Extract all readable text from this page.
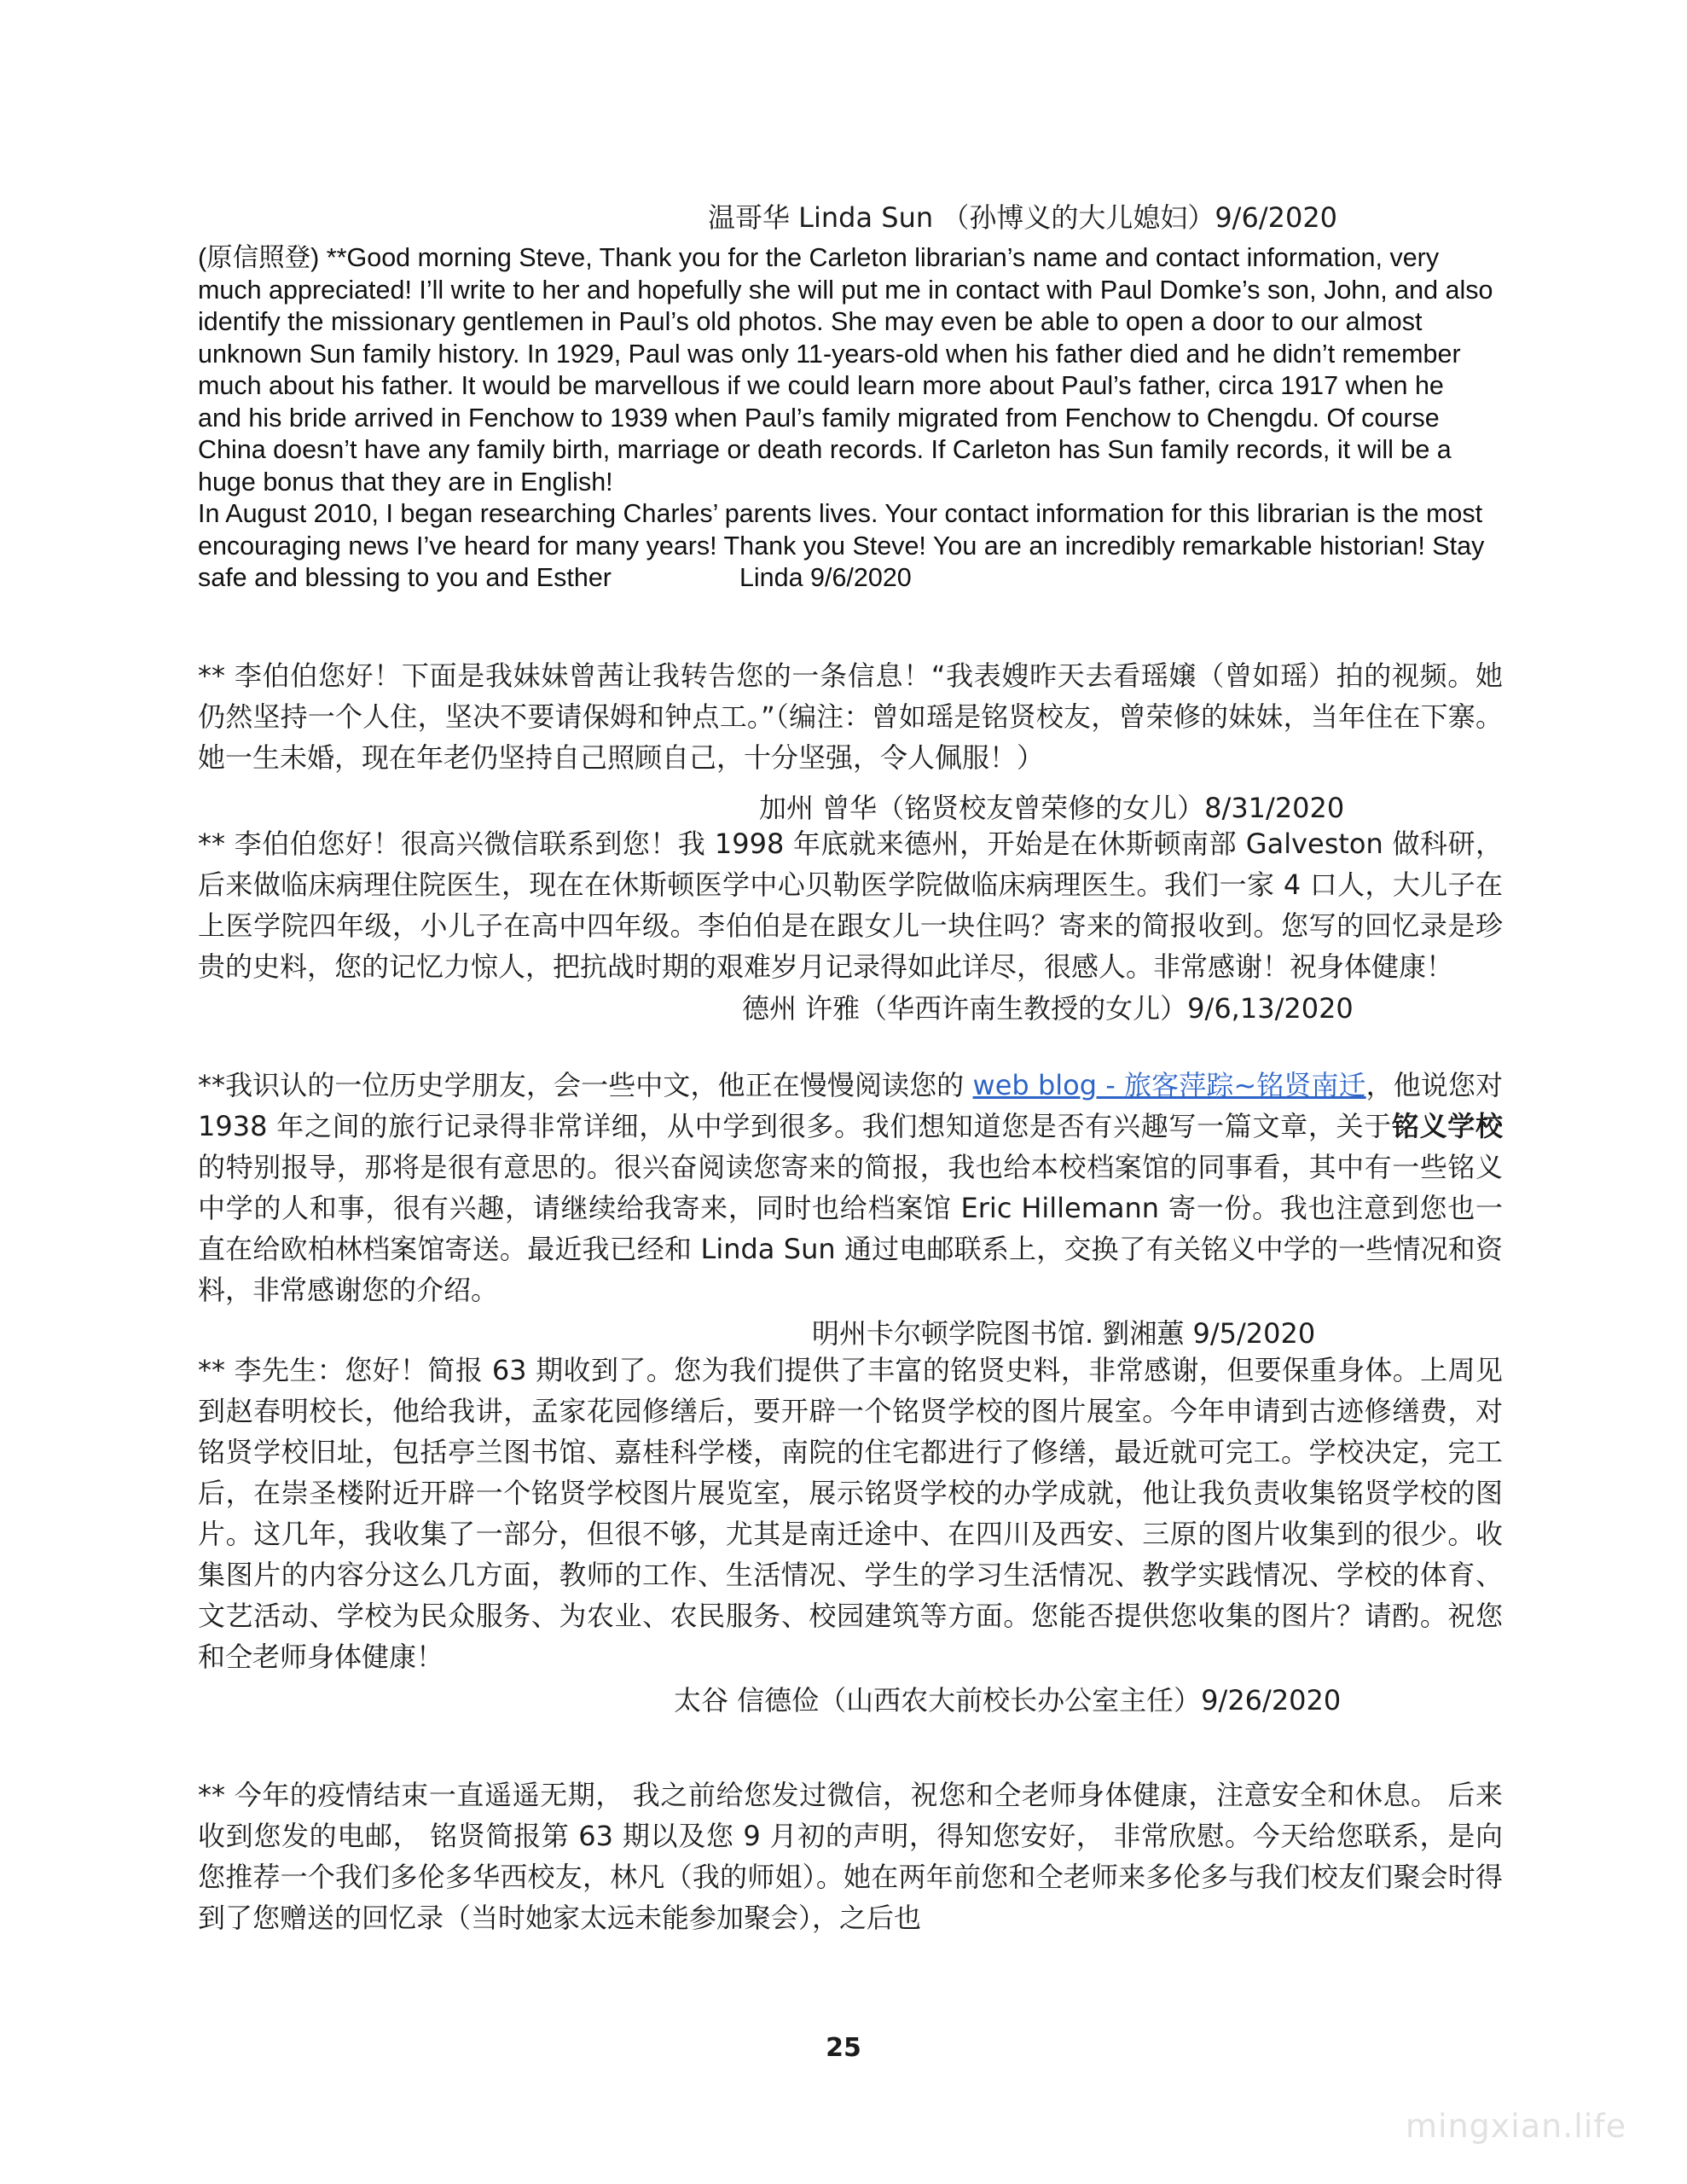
温哥华 Linda Sun （孙博义的大儿媳妇）9/6/2020

(原信照登) **Good morning Steve, Thank you for the Carleton librarian’s name and contact information, very much appreciated! I’ll write to her and hopefully she will put me in contact with Paul Domke’s son, John, and also identify the missionary gentlemen in Paul’s old photos. She may even be able to open a door to our almost unknown Sun family history. In 1929, Paul was only 11-years-old when his father died and he didn’t remember much about his father. It would be marvellous if we could learn more about Paul’s father, circa 1917 when he and his bride arrived in Fenchow to 1939 when Paul’s family migrated from Fenchow to Chengdu. Of course China doesn’t have any family birth, marriage or death records. If Carleton has Sun family records, it will be a huge bonus that they are in English!

In August 2010, I began researching Charles’ parents lives. Your contact information for this librarian is the most encouraging news I’ve heard for many years! Thank you Steve! You are an incredibly remarkable historian! Stay safe and blessing to you and Esther	Linda 9/6/2020

** 李伯伯您好！下面是我妹妹曾茜让我转告您的一条信息！“我表嫂昨天去看瑶嬢（曾如瑶）拍的视频。她仍然坚持一个人住，坚决不要请保姆和钟点工。”（编注：曾如瑶是铭贤校友，曾荣修的妹妹，当年住在下寨。她一生未婚，现在年老仍坚持自己照顾自己，十分坚强，令人佩服！）

加州 曾华（铭贤校友曾荣修的女儿）8/31/2020

** 李伯伯您好！很高兴微信联系到您！我 1998 年底就来德州，开始是在休斯顿南部 Galveston 做科研，后来做临床病理住院医生，现在在休斯顿医学中心贝勒医学院做临床病理医生。我们一家 4 口人，大儿子在上医学院四年级，小儿子在高中四年级。李伯伯是在跟女儿一块住吗？寄来的简报收到。您写的回忆录是珍贵的史料，您的记忆力惊人，把抗战时期的艰难岁月记录得如此详尽，很感人。非常感谢！祝身体健康！

德州 许雅（华西许南生教授的女儿）9/6,13/2020

**我识认的一位历史学朋友，会一些中文，他正在慢慢阅读您的 web blog - 旅客萍踪~铭贤南迁，他说您对 1938 年之间的旅行记录得非常详细，从中学到很多。我们想知道您是否有兴趣写一篇文章，关于铭义学校的特别报导，那将是很有意思的。很兴奋阅读您寄来的简报，我也给本校档案馆的同事看，其中有一些铭义中学的人和事，很有兴趣，请继续给我寄来，同时也给档案馆 Eric Hillemann 寄一份。我也注意到您也一直在给欧柏林档案馆寄送。最近我已经和 Linda Sun 通过电邮联系上，交换了有关铭义中学的一些情况和资料，非常感谢您的介绍。

明州卡尔顿学院图书馆. 劉湘蕙 9/5/2020

** 李先生：您好！简报 63 期收到了。您为我们提供了丰富的铭贤史料，非常感谢，但要保重身体。上周见到赵春明校长，他给我讲，孟家花园修缮后，要开辟一个铭贤学校的图片展室。今年申请到古迹修缮费，对铭贤学校旧址，包括亭兰图书馆、嘉桂科学楼，南院的住宅都进行了修缮，最近就可完工。学校决定，完工后，在崇圣楼附近开辟一个铭贤学校图片展览室，展示铭贤学校的办学成就，他让我负责收集铭贤学校的图片。这几年，我收集了一部分，但很不够，尤其是南迁途中、在四川及西安、三原的图片收集到的很少。收集图片的内容分这么几方面，教师的工作、生活情况、学生的学习生活情况、教学实践情况、学校的体育、文艺活动、学校为民众服务、为农业、农民服务、校园建筑等方面。您能否提供您收集的图片？请酌。祝您和仝老师身体健康！

太谷 信德俭（山西农大前校长办公室主任）9/26/2020

** 今年的疫情结束一直遥遥无期， 我之前给您发过微信，祝您和仝老师身体健康，注意安全和休息。 后来收到您发的电邮， 铭贤简报第 63 期以及您 9 月初的声明，得知您安好， 非常欣慰。今天给您联系，是向您推荐一个我们多伦多华西校友，林凡（我的师姐）。她在两年前您和仝老师来多伦多与我们校友们聚会时得到了您赠送的回忆录（当时她家太远未能参加聚会），之后也

25
mingxian.life
